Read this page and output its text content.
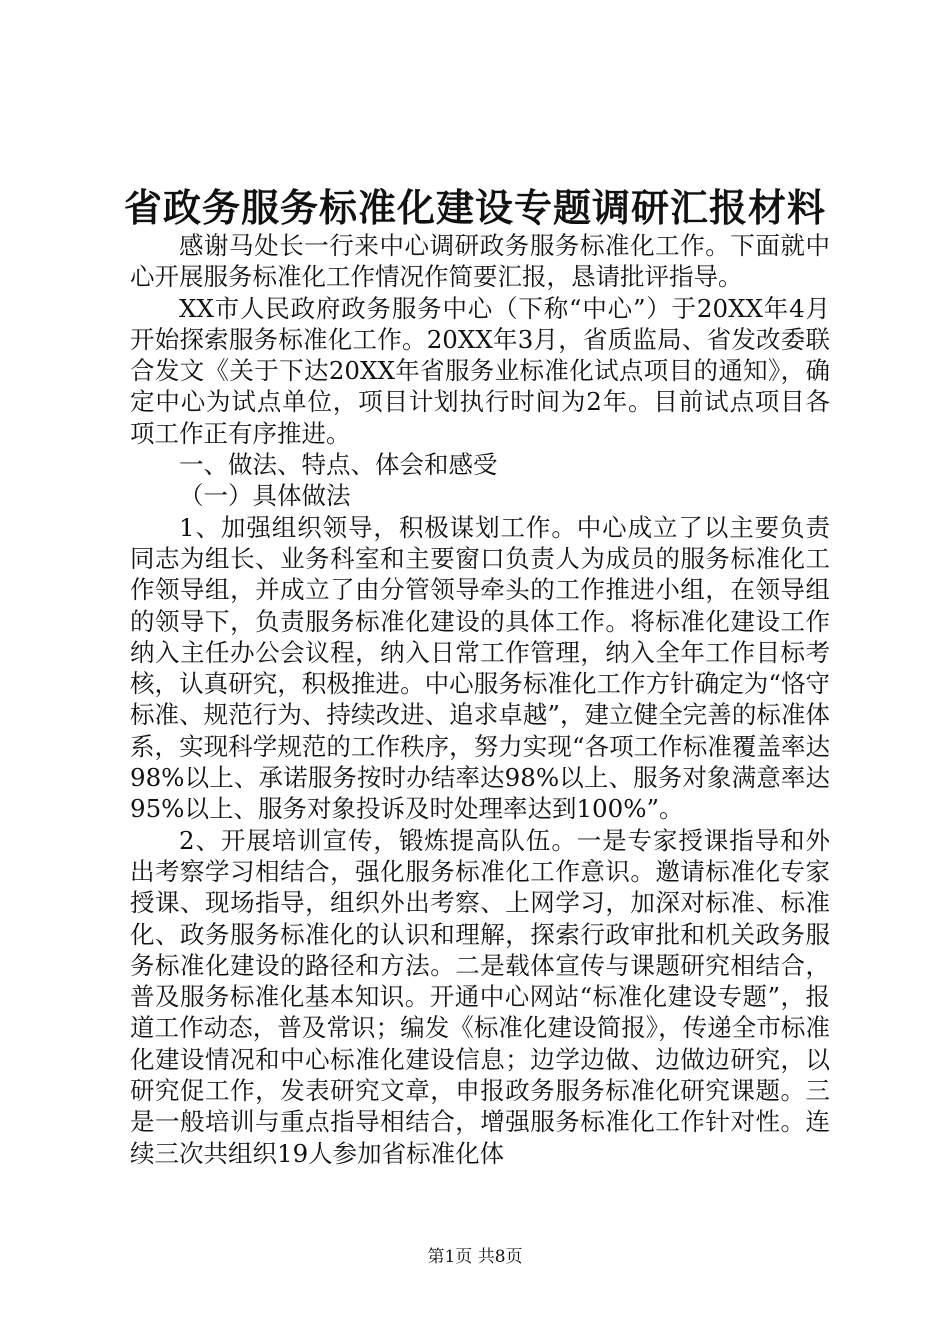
省政务服务标准化建设专题调研汇报材料

感谢马处长一行来中心调研政务服务标准化工作。下面就中心开展服务标准化工作情况作简要汇报，恳请批评指导。

XX市人民政府政务服务中心（下称“中心”）于20XX年4月开始探索服务标准化工作。20XX年3月，省质监局、省发改委联合发文《关于下达20XX年省服务业标准化试点项目的通知》，确定中心为试点单位，项目计划执行时间为2年。目前试点项目各项工作正有序推进。

一、做法、特点、体会和感受

（一）具体做法

1、加强组织领导，积极谋划工作。中心成立了以主要负责同志为组长、业务科室和主要窗口负责人为成员的服务标准化工作领导组，并成立了由分管领导牵头的工作推进小组，在领导组的领导下，负责服务标准化建设的具体工作。将标准化建设工作纳入主任办公会议程，纳入日常工作管理，纳入全年工作目标考核，认真研究，积极推进。中心服务标准化工作方针确定为“恪守标准、规范行为、持续改进、追求卓越”，建立健全完善的标准体系，实现科学规范的工作秩序，努力实现“各项工作标准覆盖率达98%以上、承诺服务按时办结率达98%以上、服务对象满意率达95%以上、服务对象投诉及时处理率达到100%”。

2、开展培训宣传，锻炼提高队伍。一是专家授课指导和外出考察学习相结合，强化服务标准化工作意识。邀请标准化专家授课、现场指导，组织外出考察、上网学习，加深对标准、标准化、政务服务标准化的认识和理解，探索行政审批和机关政务服务标准化建设的路径和方法。二是载体宣传与课题研究相结合，普及服务标准化基本知识。开通中心网站“标准化建设专题”，报道工作动态，普及常识；编发《标准化建设简报》，传递全市标准化建设情况和中心标准化建设信息；边学边做、边做边研究，以研究促工作，发表研究文章，申报政务服务标准化研究课题。三是一般培训与重点指导相结合，增强服务标准化工作针对性。连续三次共组织19人参加省标准化体

第1页 共8页
